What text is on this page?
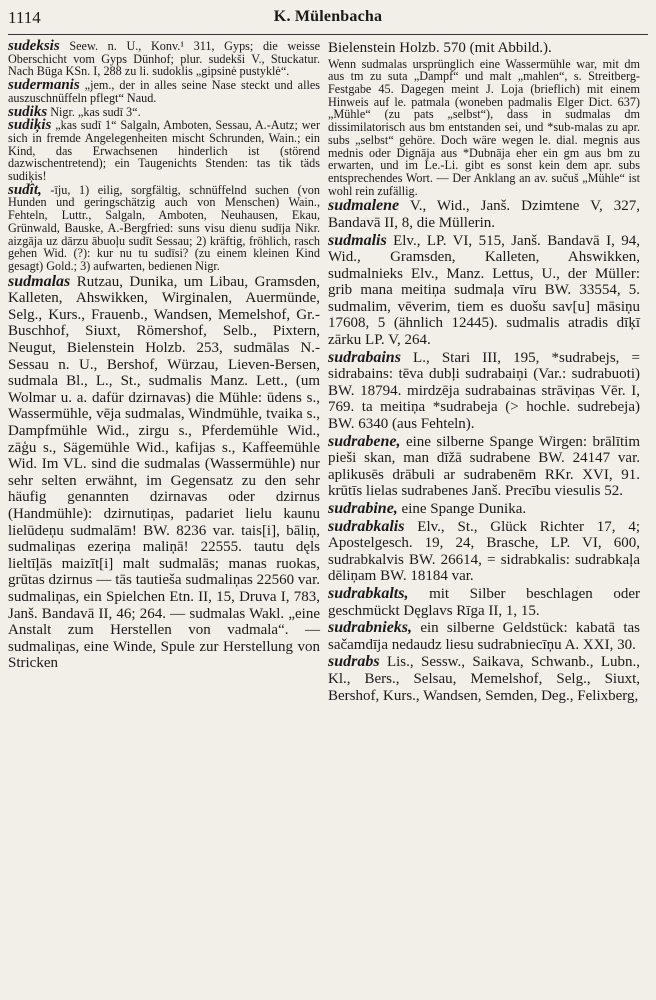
1114	K. Mülenbacha
sudeksis Seew. n. U., Konv.¹ 311, Gyps; die weisse Oberschicht vom Gyps Dünhof; plur. sudekši V., Stuckatur. Nach Būga KSn. I, 288 zu li. sudoklis „gipsinė pustyklė“.
sudermanis „jem., der in alles seine Nase steckt und alles auszuschnüffeln pflegt“ Naud.
sudiks Nigr. „kas sudī 3“.
sudiķis „kas sudī 1“ Salgaln, Amboten, Sessau, A.-Autz; wer sich in fremde Angelegenheiten mischt Schrunden, Wain.; ein Kind, das Erwachsenen hinderlich ist (störend dazwischentretend); ein Taugenichts Stenden: tas tik täds sudiķis!
sudît, -īju, 1) eilig, sorgfältig, schnüffelnd suchen (von Hunden und geringschätzig auch von Menschen) Wain., Fehteln, Luttr., Salgaln, Amboten, Neuhausen, Ekau, Grünwald, Bauske, A.-Bergfried: suns visu dienu sudīja Nikr. aizgāja uz dārzu ābuoļu sudīt Sessau; 2) kräftig, fröhlich, rasch gehen Wid. (?): kur nu tu sudīsi? (zu einem kleinen Kind gesagt) Gold.; 3) aufwarten, bedienen Nigr.
sudmalas Rutzau, Dunika, um Libau, Gramsden, Kalleten, Ahswikken, Wirginalen, Auermünde, Selg., Kurs., Frauenb., Wandsen, Memelshof, Gr.-Buschhof, Siuxt, Römershof, Selb., Pixtern, Neugut, Bielenstein Holzb. 253, sudmālas N.-Sessau n. U., Bershof, Würzau, Lieven-Bersen, sudmala Bl., L., St., sudmalis Manz. Lett., (um Wolmar u. a. dafür dzirnavas) die Mühle: ūdens s., Wassermühle, vēja sudmalas, Windmühle, tvaika s., Dampfmühle Wid., zirgu s., Pferdemühle Wid., zāģu s., Sägemühle Wid., kafijas s., Kaffeemühle Wid. Im VL. sind die sudmalas (Wassermühle) nur sehr selten erwähnt, im Gegensatz zu den sehr häufig genannten dzirnavas oder dzirnus (Handmühle): dzirnutiņas, padariet lielu kaunu lielūdeņu sudmalām! BW. 8236 var. tais[i], bāliņ, sudmaliņas ezeriņa maliņā! 22555. tautu dęls lieltīļās maizīt[i] malt sudmalās; manas ruokas, grūtas dzirnus — tās tautieša sudmaliņas 22560 var. sudmaliņas, ein Spielchen Etn. II, 15, Druva I, 783, Janš. Bandavā II, 46; 264. — sudmalas Wakl. „eine Anstalt zum Herstellen von vadmala“. — sudmaliņas, eine Winde, Spule zur Herstellung von Stricken
Bielenstein Holzb. 570 (mit Abbild.).
Wenn sudmalas ursprünglich eine Wassermühle war, mit dm aus tm zu suta „Dampf“ und malt „mahlen“, s. Streitberg-Festgabe 45. Dagegen meint J. Loja (brieflich) mit einem Hinweis auf le. patmala (woneben padmalis Elger Dict. 637) „Mühle“ (zu pats „selbst“), dass in sudmalas dm dissimilatorisch aus bm entstanden sei, und *sub-malas zu apr. subs „selbst“ gehöre. Doch wäre wegen le. dial. megnis aus mednis oder Dignāja aus *Dubnāja eher ein gm aus bm zu erwarten, und im Le.-Li. gibt es sonst kein dem apr. subs entsprechendes Wort. — Der Anklang an av. sučuš „Mühle“ ist wohl rein zufällig.
sudmalene V., Wid., Janš. Dzimtene V, 327, Bandavā II, 8, die Müllerin.
sudmalis Elv., LP. VI, 515, Janš. Bandavā I, 94, Wid., Gramsden, Kalleten, Ahswikken, sudmalnieks Elv., Manz. Lettus, U., der Müller: grib mana meitiņa sudmaļa vīru BW. 33554, 5. sudmalim, vēverim, tiem es duošu sav[u] māsiņu 17608, 5 (ähnlich 12445). sudmalis atradis dīķī zārku LP. V, 264.
sudrabains L., Stari III, 195, *sudrabejs, = sidrabains: tēva dubļi sudrabaiņi (Var.: sudrabuoti) BW. 18794. mirdzēja sudrabainas strāviņas Vēr. I, 769. ta meitiņa *sudrabeja (> hochle. sudrebeja) BW. 6340 (aus Fehteln).
sudrabene, eine silberne Spange Wirgen: brālītim pieši skan, man dīžā sudrabene BW. 24147 var. aplikusēs drābuli ar sudrabenēm RKr. XVI, 91. krūtīs lielas sudrabenes Janš. Precību viesulis 52.
sudrabine, eine Spange Dunika.
sudrabkalis Elv., St., Glück Richter 17, 4; Apostelgesch. 19, 24, Brasche, LP. VI, 600, sudrabkalvis BW. 26614, = sidrabkalis: sudrabkaļa dēliņam BW. 18184 var.
sudrabkalts, mit Silber beschlagen oder geschmückt Dęglavs Rīga II, 1, 15.
sudrabnieks, ein silberne Geldstück: kabatā tas sačamdīja nedaudz liesu sudrabniecīņu A. XXI, 30.
sudrabs Lis., Sessw., Saikava, Schwanb., Lubn., Kl., Bers., Selsau, Memelshof, Selg., Siuxt, Bershof, Kurs., Wandsen, Semden, Deg., Felixberg,
